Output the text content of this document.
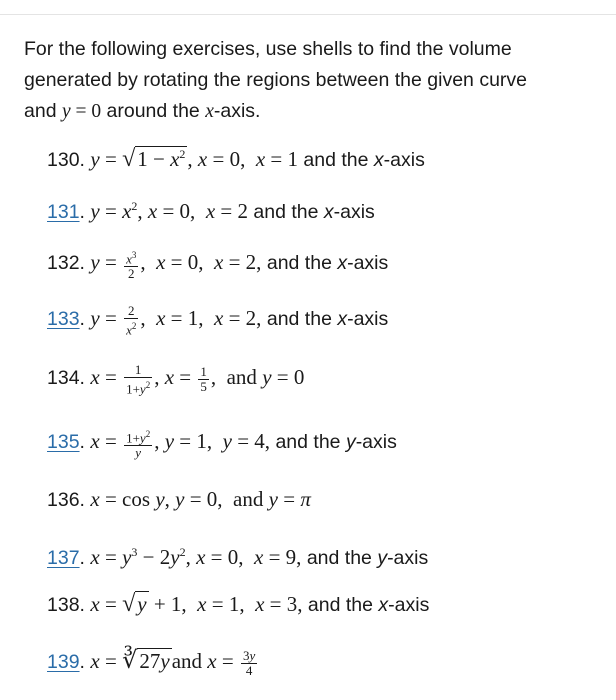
For the following exercises, use shells to find the volume
generated by rotating the regions between the given curve
and y = 0 around the x-axis.
130. $y = √1 - x^2$, x = 0,  x = 1 and the x-axis
131. $y = x^2$, x = 0,  x = 2 and the x-axis
132. $y = \frac{x^3}{2}$ ,  x = 0,  x = 2, and the x-axis
133. $y = \frac{2}{x^2}$ ,  x = 1,  x = 2, and the x-axis
134. $x = \frac{1}{1+y^2}$ , $x = \frac{1}{5}$ ,  and y = 0
135. $x = \frac{1+y^2}{y}$ , y = 1,  y = 4, and the y-axis
136. x = cos y, y = 0,  and y = π
137. $x = y^3 - 2y^2$, x = 0,  x = 9, and the y-axis
138. x = √y + 1,  x = 1,  x = 3, and the x-axis
139. x = ∛27yand $x = \frac{3y}{4}$
